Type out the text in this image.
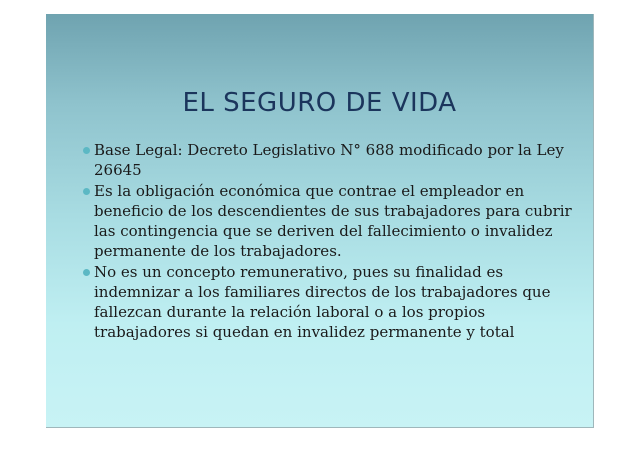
EL SEGURO DE VIDA
Base Legal: Decreto Legislativo N° 688 modificado por la Ley 26645
Es la obligación económica que contrae el empleador en beneficio de los descendientes de sus trabajadores para cubrir las contingencia que se deriven del fallecimiento o invalidez permanente de los trabajadores.
No es un concepto remunerativo, pues su finalidad es indemnizar a los familiares directos de los trabajadores que fallezcan durante la relación laboral o a los propios trabajadores si quedan en invalidez permanente y total
